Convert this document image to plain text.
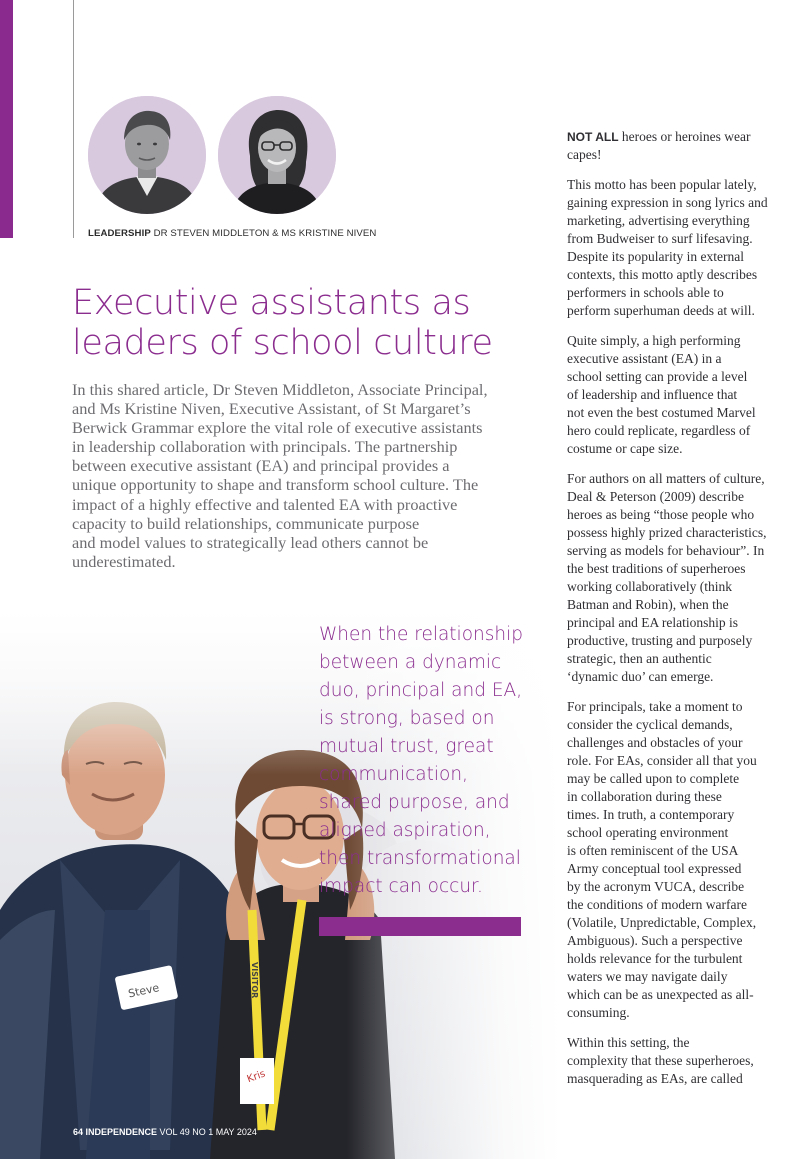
LEADERSHIP DR STEVEN MIDDLETON & MS KRISTINE NIVEN
Executive assistants as
leaders of school culture
In this shared article, Dr Steven Middleton, Associate Principal,
and Ms Kristine Niven, Executive Assistant, of St Margaret’s
Berwick Grammar explore the vital role of executive assistants
in leadership collaboration with principals. The partnership
between executive assistant (EA) and principal provides a
unique opportunity to shape and transform school culture. The
impact of a highly effective and talented EA with proactive
capacity to build relationships, communicate purpose
and model values to strategically lead others cannot be
underestimated.
When the relationship
between a dynamic
duo, principal and EA,
is strong, based on
mutual trust, great
communication,
shared purpose, and
aligned aspiration,
then transformational
impact can occur.
64 INDEPENDENCE VOL 49 NO 1 MAY 2024

NOT ALL heroes or heroines wear
capes!

This motto has been popular lately,
gaining expression in song lyrics and
marketing, advertising everything
from Budweiser to surf lifesaving.
Despite its popularity in external
contexts, this motto aptly describes
performers in schools able to
perform superhuman deeds at will.

Quite simply, a high performing
executive assistant (EA) in a
school setting can provide a level
of leadership and influence that
not even the best costumed Marvel
hero could replicate, regardless of
costume or cape size.

For authors on all matters of culture,
Deal & Peterson (2009) describe
heroes as being “those people who
possess highly prized characteristics,
serving as models for behaviour”. In
the best traditions of superheroes
working collaboratively (think
Batman and Robin), when the
principal and EA relationship is
productive, trusting and purposely
strategic, then an authentic
‘dynamic duo’ can emerge.

For principals, take a moment to
consider the cyclical demands,
challenges and obstacles of your
role. For EAs, consider all that you
may be called upon to complete
in collaboration during these
times. In truth, a contemporary
school operating environment
is often reminiscent of the USA
Army conceptual tool expressed
by the acronym VUCA, describe
the conditions of modern warfare
(Volatile, Unpredictable, Complex,
Ambiguous). Such a perspective
holds relevance for the turbulent
waters we may navigate daily
which can be as unexpected as all-
consuming.

Within this setting, the
complexity that these superheroes,
masquerading as EAs, are called
